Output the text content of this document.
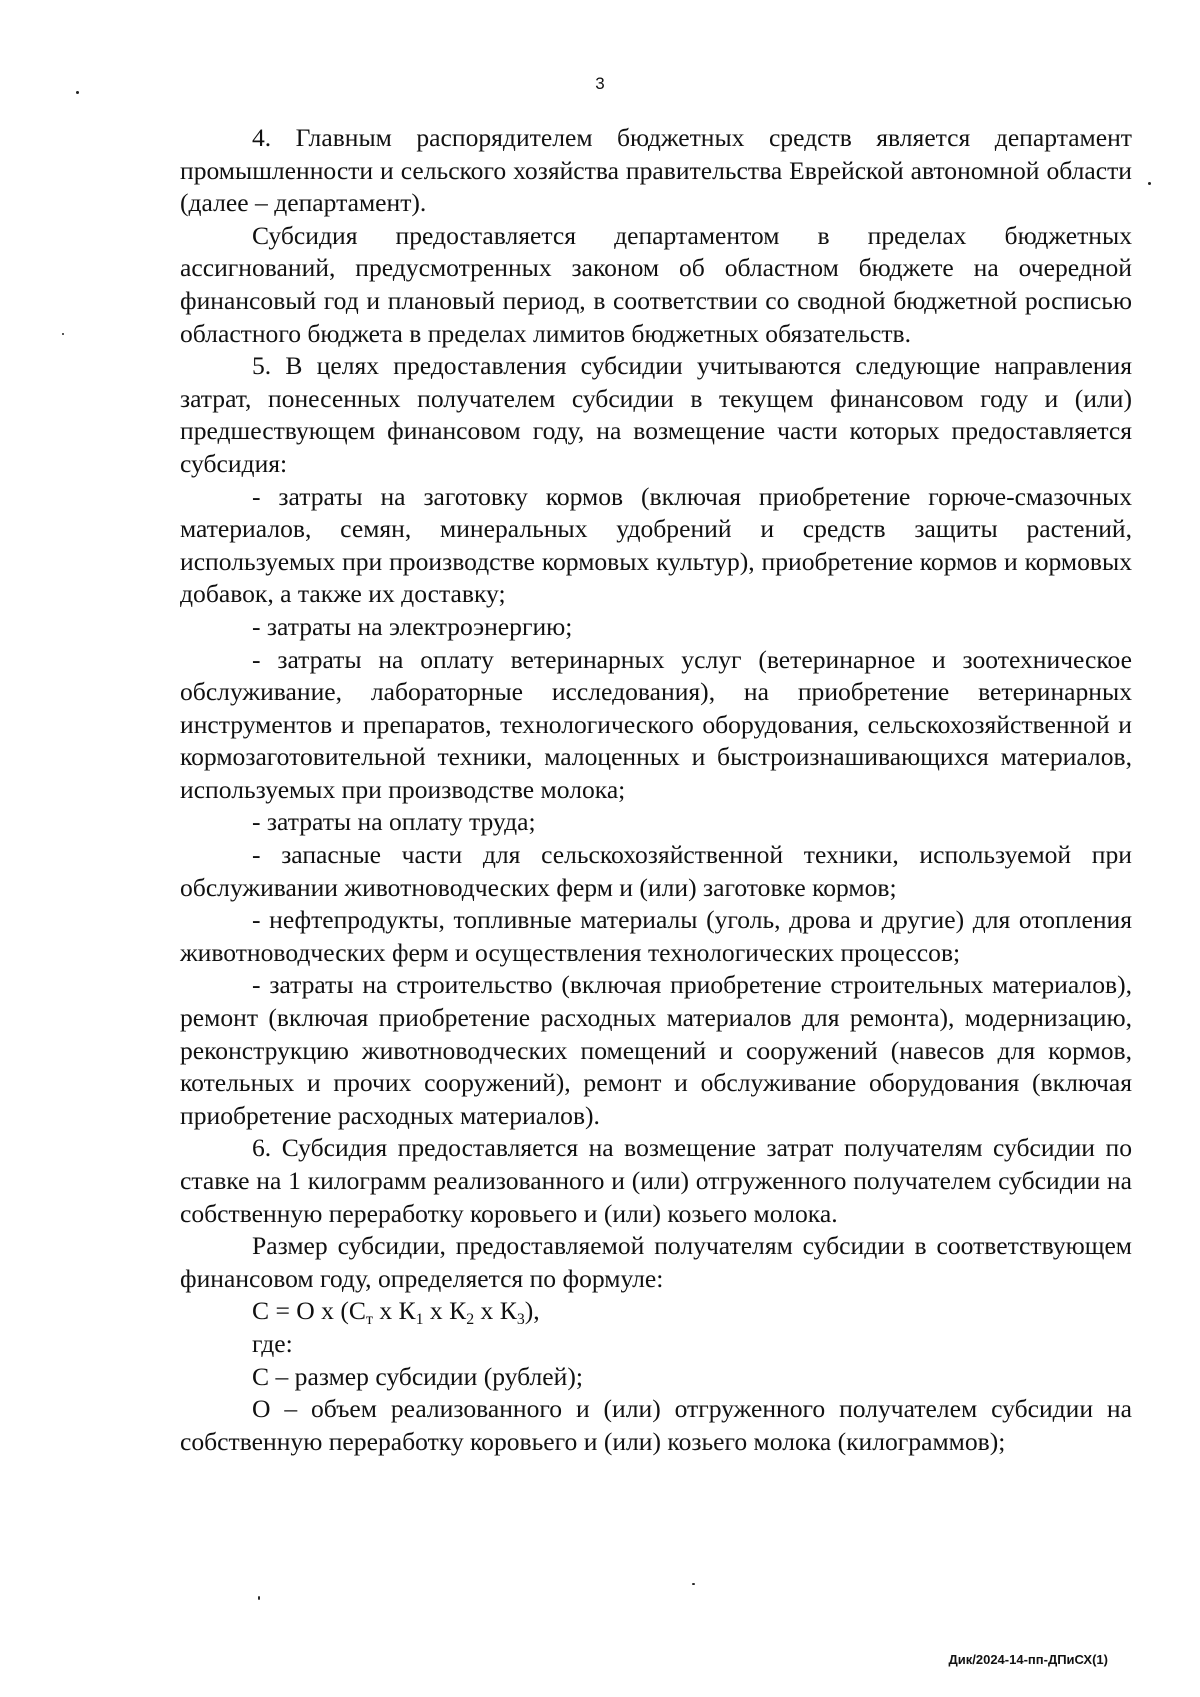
3

4. Главным распорядителем бюджетных средств является департамент промышленности и сельского хозяйства правительства Еврейской автономной области (далее – департамент).

Субсидия предоставляется департаментом в пределах бюджетных ассигнований, предусмотренных законом об областном бюджете на очередной финансовый год и плановый период, в соответствии со сводной бюджетной росписью областного бюджета в пределах лимитов бюджетных обязательств.

5. В целях предоставления субсидии учитываются следующие направления затрат, понесенных получателем субсидии в текущем финансовом году и (или) предшествующем финансовом году, на возмещение части которых предоставляется субсидия:

- затраты на заготовку кормов (включая приобретение горюче-смазочных материалов, семян, минеральных удобрений и средств защиты растений, используемых при производстве кормовых культур), приобретение кормов и кормовых добавок, а также их доставку;

- затраты на электроэнергию;

- затраты на оплату ветеринарных услуг (ветеринарное и зоотехническое обслуживание, лабораторные исследования), на приобретение ветеринарных инструментов и препаратов, технологического оборудования, сельскохозяйственной и кормозаготовительной техники, малоценных и быстроизнашивающихся материалов, используемых при производстве молока;

- затраты на оплату труда;

- запасные части для сельскохозяйственной техники, используемой при обслуживании животноводческих ферм и (или) заготовке кормов;

- нефтепродукты, топливные материалы (уголь, дрова и другие) для отопления животноводческих ферм и осуществления технологических процессов;

- затраты на строительство (включая приобретение строительных материалов), ремонт (включая приобретение расходных материалов для ремонта), модернизацию, реконструкцию животноводческих помещений и сооружений (навесов для кормов, котельных и прочих сооружений), ремонт и обслуживание оборудования (включая приобретение расходных материалов).

6. Субсидия предоставляется на возмещение затрат получателям субсидии по ставке на 1 килограмм реализованного и (или) отгруженного получателем субсидии на собственную переработку коровьего и (или) козьего молока.

Размер субсидии, предоставляемой получателям субсидии в соответствующем финансовом году, определяется по формуле:

С = О х ($С_т$ х $К_1$ х $К_2$ х $К_3$),

где:

С – размер субсидии (рублей);

О – объем реализованного и (или) отгруженного получателем субсидии на собственную переработку коровьего и (или) козьего молока (килограммов);

Дик/2024-14-пп-ДПиСХ(1)
